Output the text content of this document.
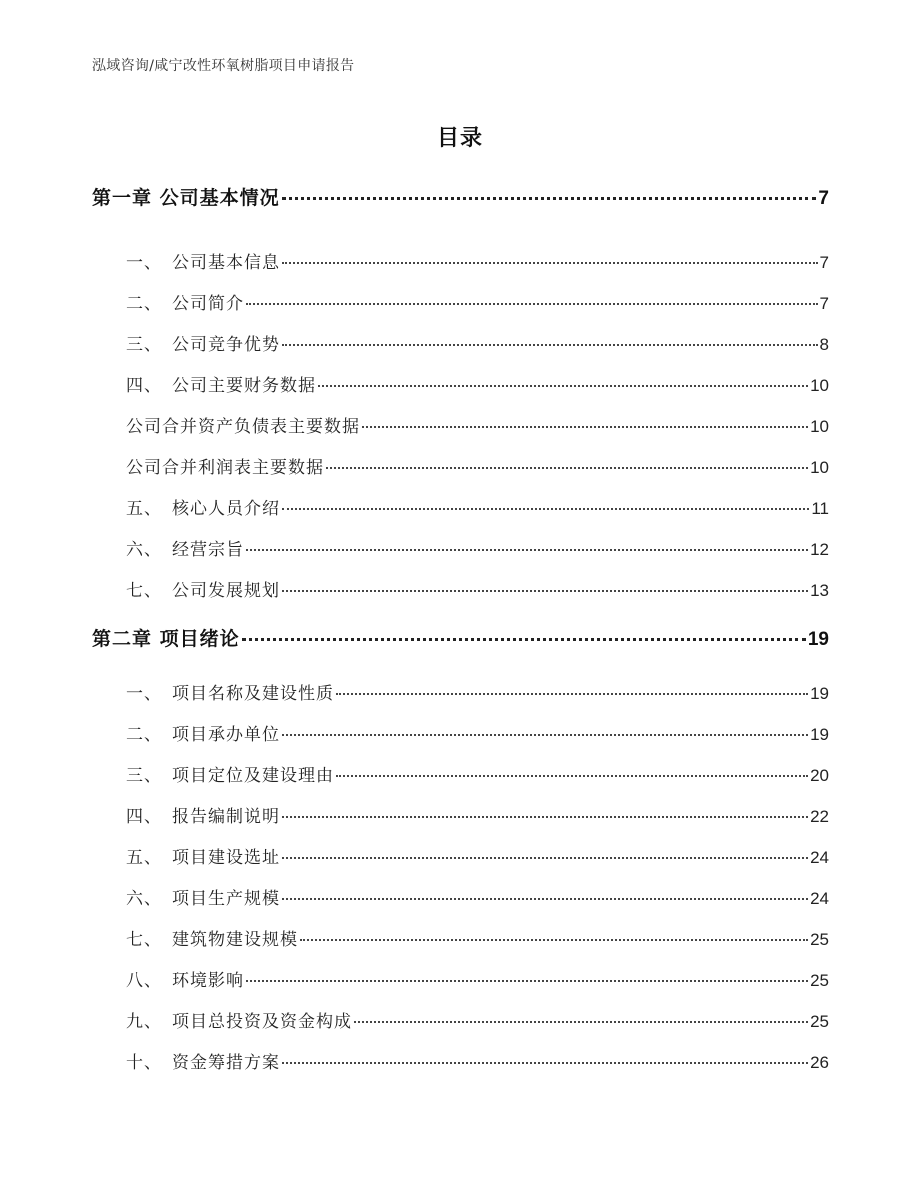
泓域咨询/咸宁改性环氧树脂项目申请报告
目录
第一章 公司基本情况	7
一、 公司基本信息	7
二、 公司简介	7
三、 公司竞争优势	8
四、 公司主要财务数据	10
公司合并资产负债表主要数据	10
公司合并利润表主要数据	10
五、 核心人员介绍	11
六、 经营宗旨	12
七、 公司发展规划	13
第二章 项目绪论	19
一、 项目名称及建设性质	19
二、 项目承办单位	19
三、 项目定位及建设理由	20
四、 报告编制说明	22
五、 项目建设选址	24
六、 项目生产规模	24
七、 建筑物建设规模	25
八、 环境影响	25
九、 项目总投资及资金构成	25
十、 资金筹措方案	26
